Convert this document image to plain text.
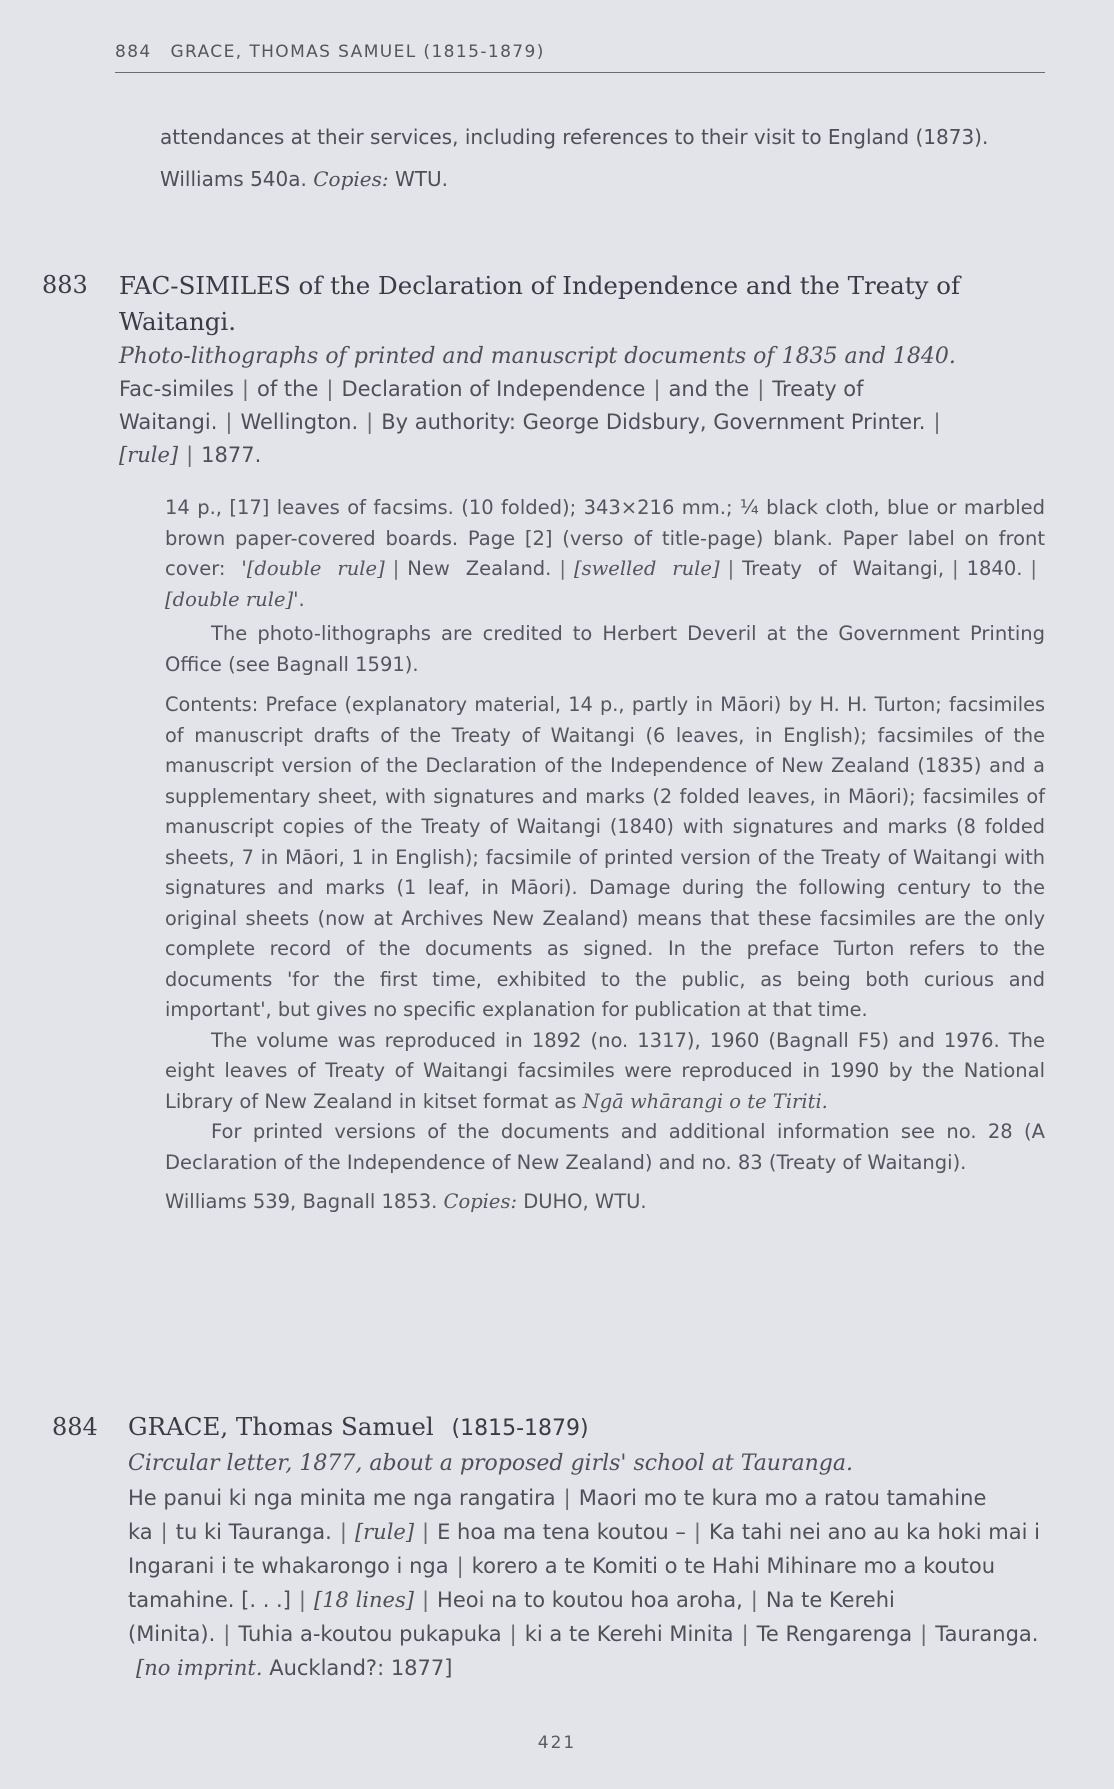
884 GRACE, THOMAS SAMUEL (1815-1879)

attendances at their services, including references to their visit to England (1873).

Williams 540a. Copies: WTU.

883 FAC-SIMILES of the Declaration of Independence and the Treaty of Waitangi.

Photo-lithographs of printed and manuscript documents of 1835 and 1840.

Fac-similes | of the | Declaration of Independence | and the | Treaty of Waitangi. | Wellington. | By authority: George Didsbury, Government Printer. |[rule] | 1877.

14 p., [17] leaves of facsims. (10 folded); 343×216 mm.; ¼ black cloth, blue or marbled brown paper-covered boards. Page [2] (verso of title-page) blank. Paper label on front cover: '[double rule] | New Zealand. | [swelled rule] | Treaty of Waitangi, | 1840. |[double rule]'.

The photo-lithographs are credited to Herbert Deveril at the Government Printing Office (see Bagnall 1591).

Contents: Preface (explanatory material, 14 p., partly in Māori) by H. H. Turton; facsimiles of manuscript drafts of the Treaty of Waitangi (6 leaves, in English); facsimiles of the manuscript version of the Declaration of the Independence of New Zealand (1835) and a supplementary sheet, with signatures and marks (2 folded leaves, in Māori); facsimiles of manuscript copies of the Treaty of Waitangi (1840) with signatures and marks (8 folded sheets, 7 in Māori, 1 in English); facsimile of printed version of the Treaty of Waitangi with signatures and marks (1 leaf, in Māori). Damage during the following century to the original sheets (now at Archives New Zealand) means that these facsimiles are the only complete record of the documents as signed. In the preface Turton refers to the documents 'for the first time, exhibited to the public, as being both curious and important', but gives no specific explanation for publication at that time.

The volume was reproduced in 1892 (no. 1317), 1960 (Bagnall F5) and 1976. The eight leaves of Treaty of Waitangi facsimiles were reproduced in 1990 by the National Library of New Zealand in kitset format as Ngā whārangi o te Tiriti.

For printed versions of the documents and additional information see no. 28 (A Declaration of the Independence of New Zealand) and no. 83 (Treaty of Waitangi).

Williams 539, Bagnall 1853. Copies: DUHO, WTU.

884 GRACE, Thomas Samuel (1815-1879)

Circular letter, 1877, about a proposed girls' school at Tauranga.

He panui ki nga minita me nga rangatira | Maori mo te kura mo a ratou tamahine ka | tu ki Tauranga. | [rule] | E hoa ma tena koutou – | Ka tahi nei ano au ka hoki mai i Ingarani i te whakarongo i nga | korero a te Komiti o te Hahi Mihinare mo a koutou tamahine. [. . .] | [18 lines] | Heoi na to koutou hoa aroha, | Na te Kerehi (Minita). | Tuhia a-koutou pukapuka | ki a te Kerehi Minita | Te Rengarenga | Tauranga. [no imprint. Auckland?: 1877]

421
